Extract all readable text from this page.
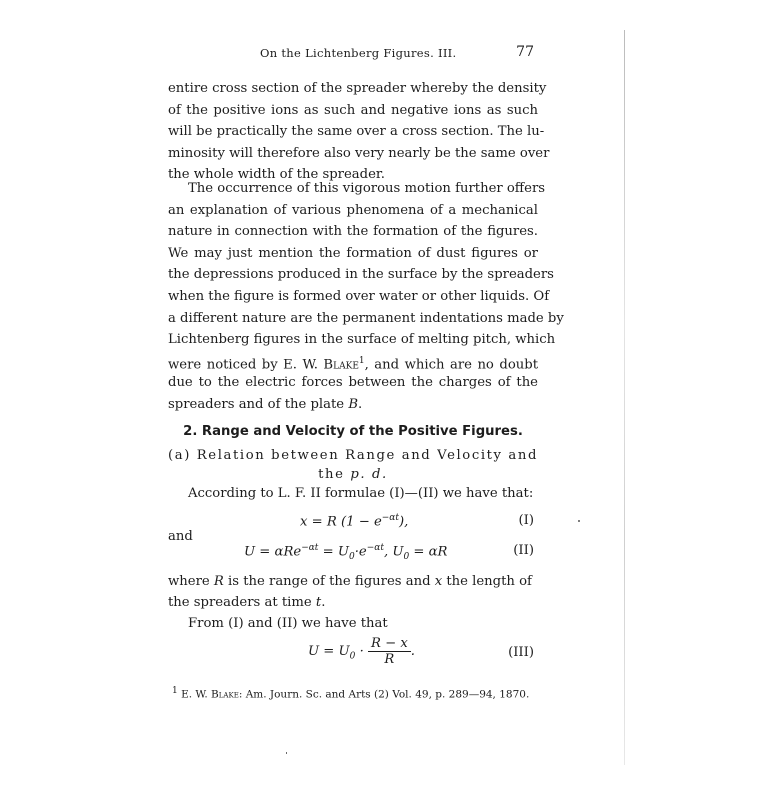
On the Lichtenberg Figures. III.	77
entire cross section of the spreader whereby the density
of the positive ions as such and negative ions as such
will be practically the same over a cross section. The lu-
minosity will therefore also very nearly be the same over
the whole width of the spreader.
The occurrence of this vigorous motion further offers
an explanation of various phenomena of a mechanical
nature in connection with the formation of the figures.
We may just mention the formation of dust figures or
the depressions produced in the surface by the spreaders
when the figure is formed over water or other liquids. Of
a different nature are the permanent indentations made by
Lichtenberg figures in the surface of melting pitch, which
were noticed by E. W. Blake$^1$, and which are no doubt
due to the electric forces between the charges of the
spreaders and of the plate B.
2. Range and Velocity of the Positive Figures.
(a) Relation between Range and Velocity and
the p. d.
According to L. F. II formulae (I)—(II) we have that:
x = R $(1 - e^{-\alpha t})$,	(I)
and
$U = \alpha Re^{-\alpha t} = U_0\cdot e^{-\alpha t}$, $U_0 = \alpha R$	(II)
where R is the range of the figures and x the length of
the spreaders at time t.
From (I) and (II) we have that
$U = U_0 \cdot \frac{R - x}{R}$ .	(III)
$^1$ E. W. Blake: Am. Journ. Sc. and Arts (2) Vol. 49, p. 289—94, 1870.
